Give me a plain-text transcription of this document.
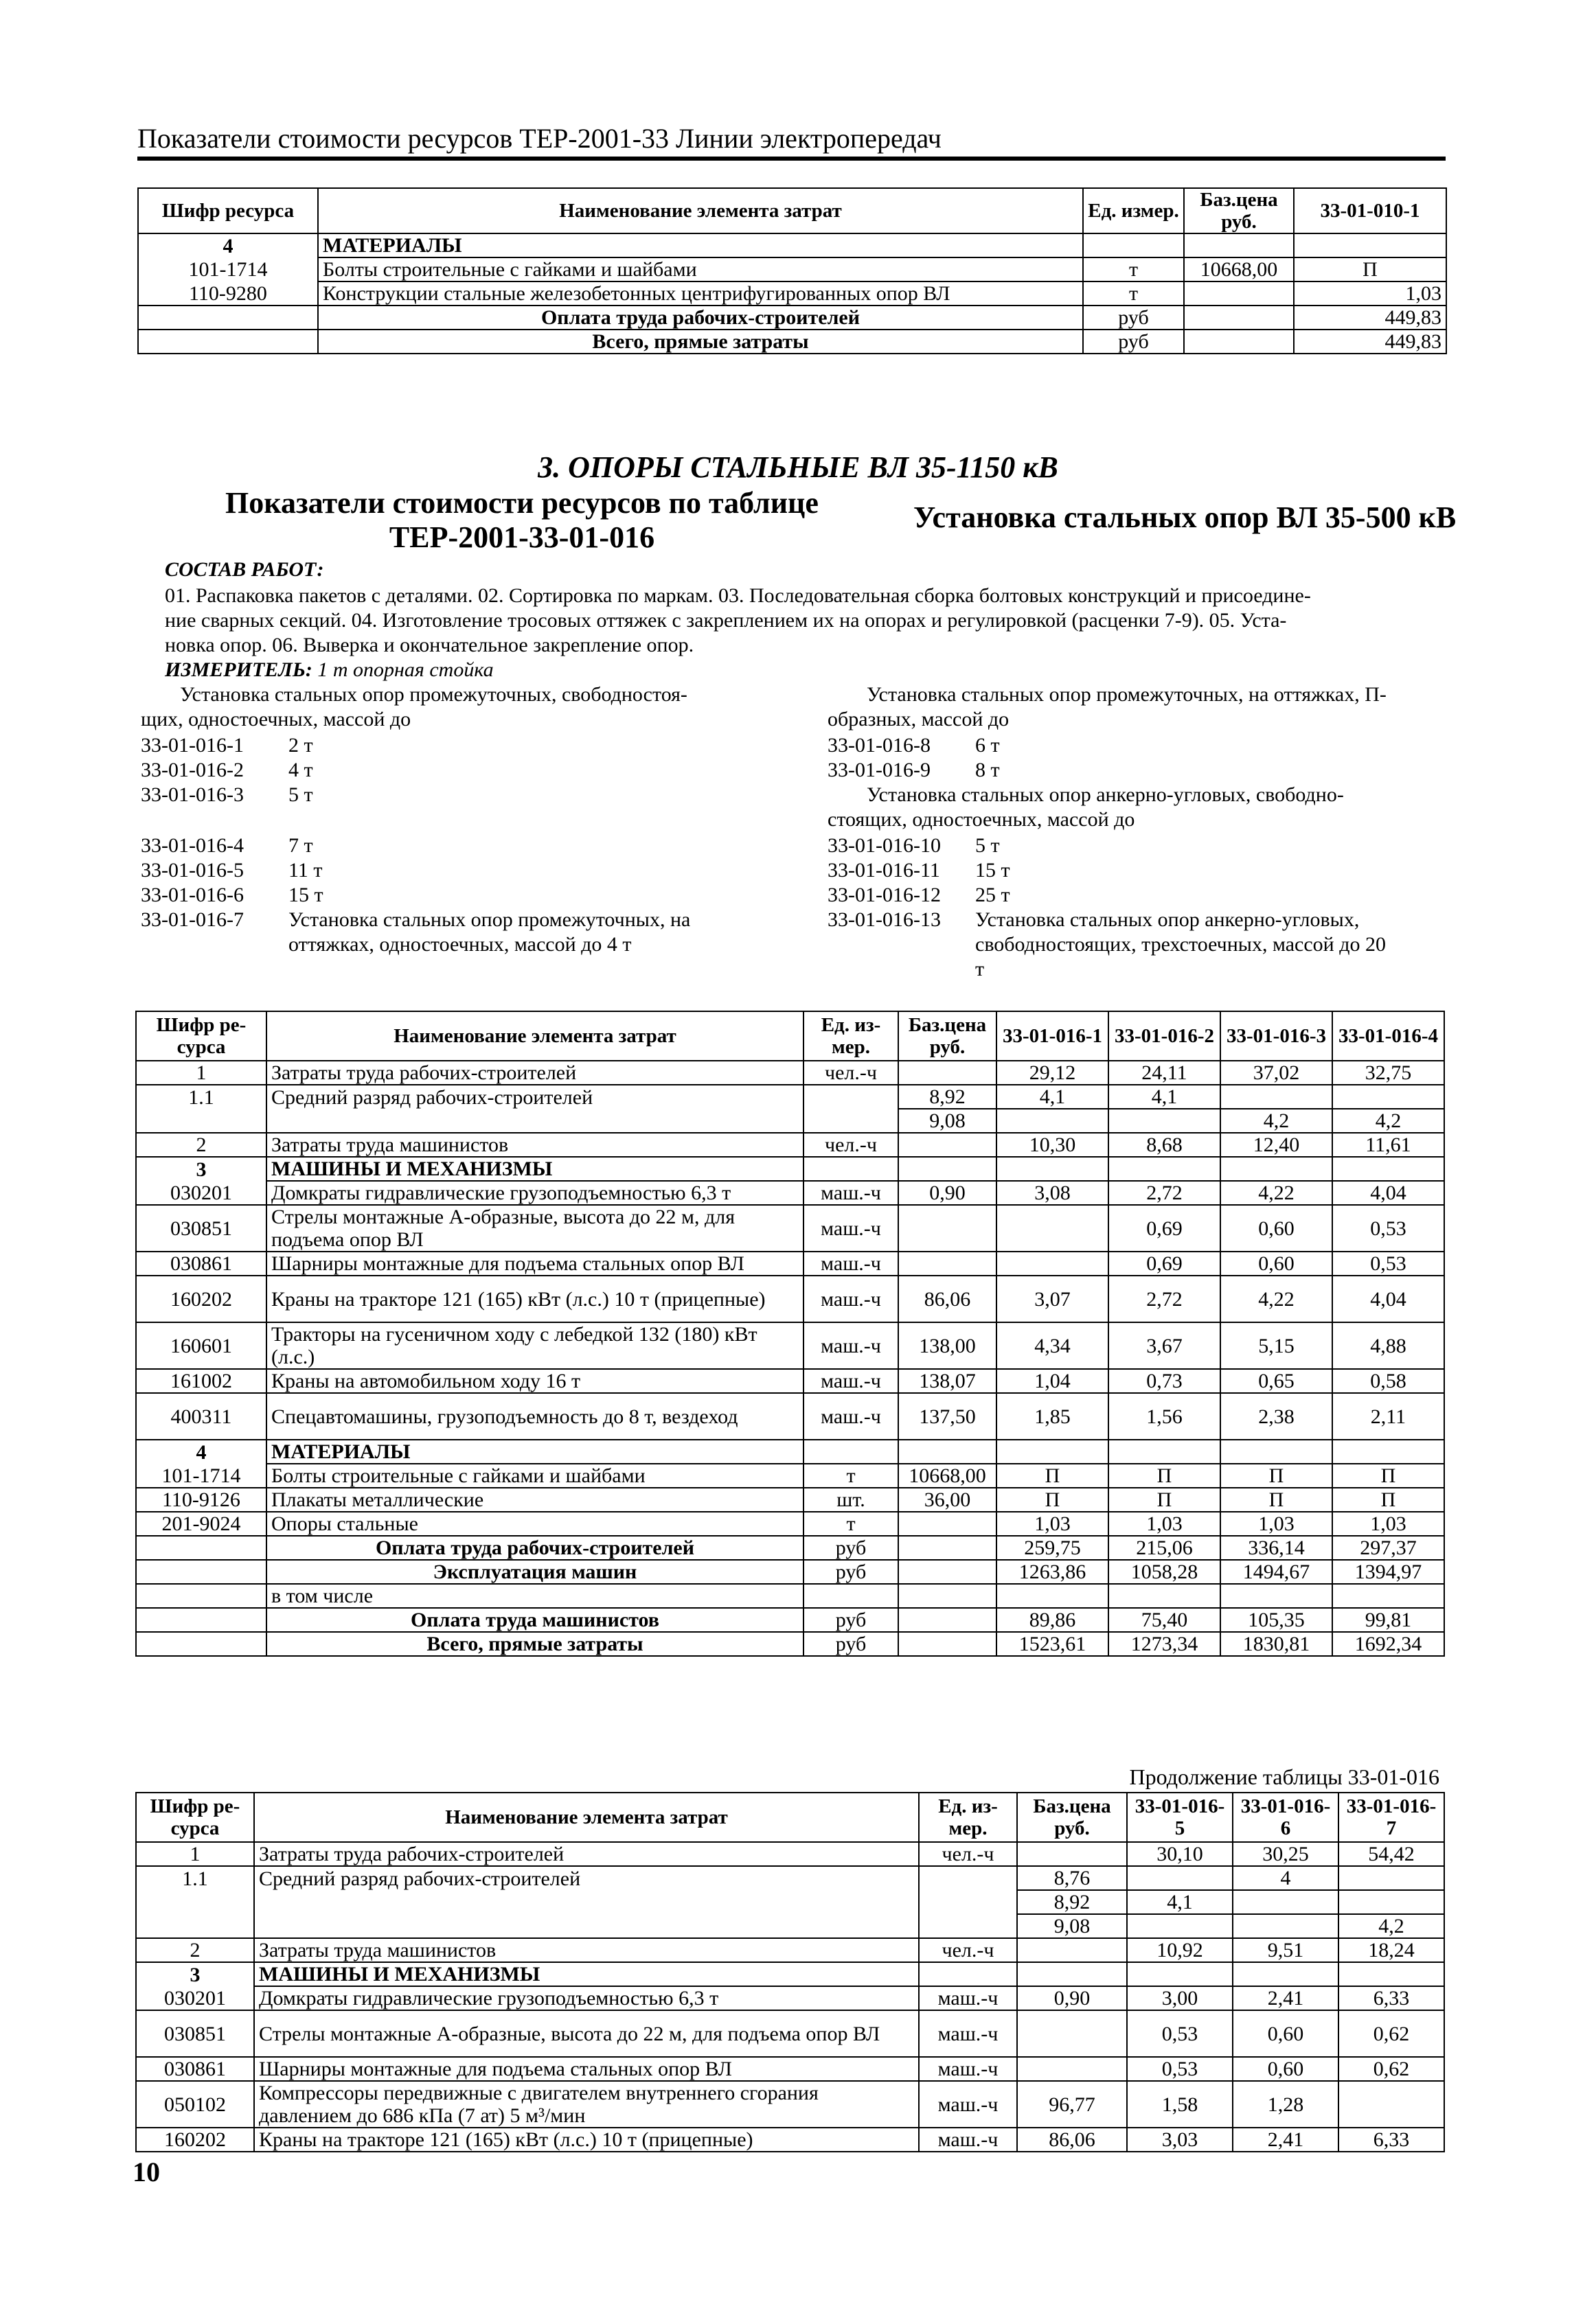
Показатели стоимости ресурсов ТЕР-2001-33 Линии электропередач
Шифр ресурса	Наименование элемента затрат	Ед. измер.	Баз.цена руб.	33-01-010-1
4	МАТЕРИАЛЫ			
101-1714	Болты строительные с гайками и шайбами	т	10668,00	П
110-9280	Конструкции стальные железобетонных центрифугированных опор ВЛ	т		1,03
	Оплата труда рабочих-строителей	руб		449,83
	Всего, прямые затраты	руб		449,83
3. ОПОРЫ СТАЛЬНЫЕ ВЛ 35-1150 кВ
Показатели стоимости ресурсов по таблице
ТЕР-2001-33-01-016
Установка стальных опор ВЛ 35-500 кВ
СОСТАВ РАБОТ:
01. Распаковка пакетов с деталями. 02. Сортировка по маркам. 03. Последовательная сборка болтовых конструкций и присоедине-
ние сварных секций. 04. Изготовление тросовых оттяжек с закреплением их на опорах и регулировкой (расценки 7-9). 05. Уста-
новка опор. 06. Выверка и окончательное закрепление опор.
ИЗМЕРИТЕЛЬ: 1 т опорная стойка
Установка стальных опор промежуточных, свободностоя-
щих, одностоечных, массой до
33-01-016-1 2 т
33-01-016-2 4 т
33-01-016-3 5 т
33-01-016-4 7 т
33-01-016-5 11 т
33-01-016-6 15 т
33-01-016-7 Установка стальных опор промежуточных, на
оттяжках, одностоечных, массой до 4 т
Установка стальных опор промежуточных, на оттяжках, П-
образных, массой до
33-01-016-8 6 т
33-01-016-9 8 т
Установка стальных опор анкерно-угловых, свободно-
стоящих, одностоечных, массой до
33-01-016-10 5 т
33-01-016-11 15 т
33-01-016-12 25 т
33-01-016-13 Установка стальных опор анкерно-угловых,
свободностоящих, трехстоечных, массой до 20
т
Шифр ре-сурса	Наименование элемента затрат	Ед. из-мер.	Баз.цена руб.	33-01-016-1	33-01-016-2	33-01-016-3	33-01-016-4
1	Затраты труда рабочих-строителей	чел.-ч		29,12	24,11	37,02	32,75
1.1	Средний разряд рабочих-строителей		8,92	4,1	4,1		
			9,08			4,2	4,2
2	Затраты труда машинистов	чел.-ч		10,30	8,68	12,40	11,61
3	МАШИНЫ И МЕХАНИЗМЫ						
030201	Домкраты гидравлические грузоподъемностью 6,3 т	маш.-ч	0,90	3,08	2,72	4,22	4,04
030851	Стрелы монтажные А-образные, высота до 22 м, для подъема опор ВЛ	маш.-ч			0,69	0,60	0,53
030861	Шарниры монтажные для подъема стальных опор ВЛ	маш.-ч			0,69	0,60	0,53
160202	Краны на тракторе 121 (165) кВт (л.с.) 10 т (прицепные)	маш.-ч	86,06	3,07	2,72	4,22	4,04
160601	Тракторы на гусеничном ходу с лебедкой 132 (180) кВт (л.с.)	маш.-ч	138,00	4,34	3,67	5,15	4,88
161002	Краны на автомобильном ходу 16 т	маш.-ч	138,07	1,04	0,73	0,65	0,58
400311	Спецавтомашины, грузоподъемность до 8 т, вездеход	маш.-ч	137,50	1,85	1,56	2,38	2,11
4	МАТЕРИАЛЫ						
101-1714	Болты строительные с гайками и шайбами	т	10668,00	П	П	П	П
110-9126	Плакаты металлические	шт.	36,00	П	П	П	П
201-9024	Опоры стальные	т		1,03	1,03	1,03	1,03
	Оплата труда рабочих-строителей	руб		259,75	215,06	336,14	297,37
	Эксплуатация машин	руб		1263,86	1058,28	1494,67	1394,97
	в том числе						
	Оплата труда машинистов	руб		89,86	75,40	105,35	99,81
	Всего, прямые затраты	руб		1523,61	1273,34	1830,81	1692,34
Продолжение таблицы 33-01-016
Шифр ре-сурса	Наименование элемента затрат	Ед. из-мер.	Баз.цена руб.	33-01-016-5	33-01-016-6	33-01-016-7
1	Затраты труда рабочих-строителей	чел.-ч		30,10	30,25	54,42
1.1	Средний разряд рабочих-строителей		8,76		4	
			8,92	4,1		
			9,08			4,2
2	Затраты труда машинистов	чел.-ч		10,92	9,51	18,24
3	МАШИНЫ И МЕХАНИЗМЫ					
030201	Домкраты гидравлические грузоподъемностью 6,3 т	маш.-ч	0,90	3,00	2,41	6,33
030851	Стрелы монтажные А-образные, высота до 22 м, для подъема опор ВЛ	маш.-ч		0,53	0,60	0,62
030861	Шарниры монтажные для подъема стальных опор ВЛ	маш.-ч		0,53	0,60	0,62
050102	Компрессоры передвижные с двигателем внутреннего сгорания давлением до 686 кПа (7 ат) 5 м³/мин	маш.-ч	96,77	1,58	1,28	
160202	Краны на тракторе 121 (165) кВт (л.с.) 10 т (прицепные)	маш.-ч	86,06	3,03	2,41	6,33
10
